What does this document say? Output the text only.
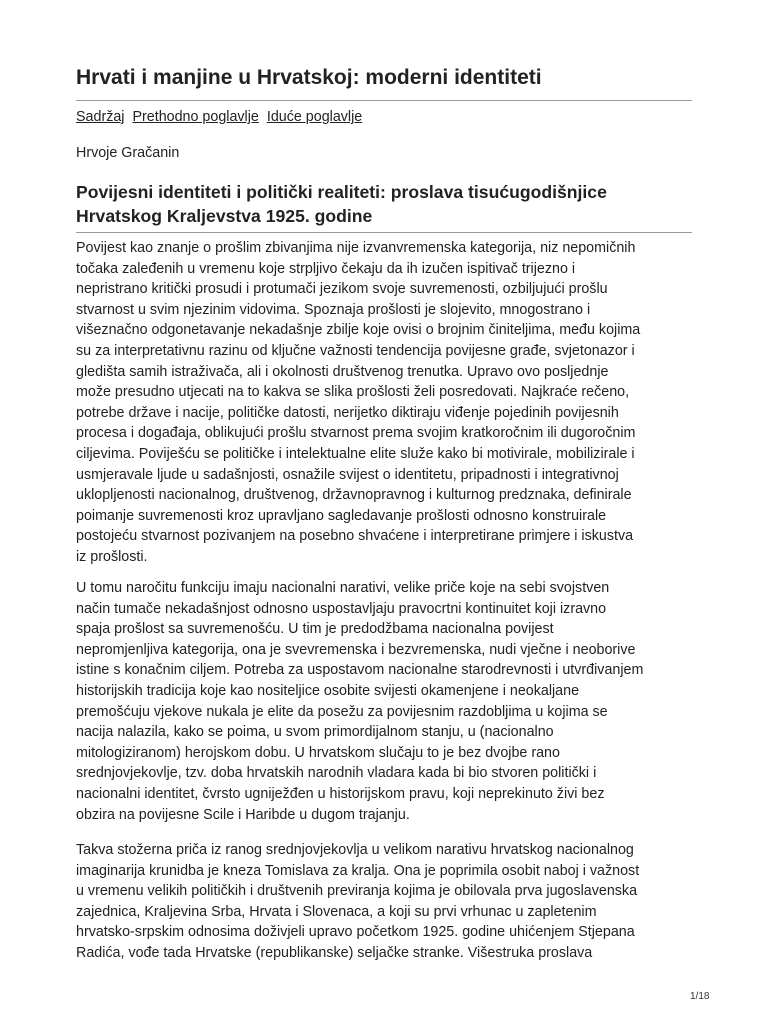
Hrvati i manjine u Hrvatskoj: moderni identiteti
Sadržaj Prethodno poglavlje Iduće poglavlje
Hrvoje Gračanin
Povijesni identiteti i politički realiteti: proslava tisućugodišnjice Hrvatskog Kraljevstva 1925. godine
Povijest kao znanje o prošlim zbivanjima nije izvanvremenska kategorija, niz nepomičnih
točaka zaleđenih u vremenu koje strpljivo čekaju da ih izučen ispitivač trijezno i
nepristrano kritički prosudi i protumači jezikom svoje suvremenosti, ozbiljujući prošlu
stvarnost u svim njezinim vidovima. Spoznaja prošlosti je slojevito, mnogostrano i
višeznačno odgonetavanje nekadašnje zbilje koje ovisi o brojnim činiteljima, među kojima
su za interpretativnu razinu od ključne važnosti tendencija povijesne građe, svjetonazor i
gledišta samih istraživača, ali i okolnosti društvenog trenutka. Upravo ovo posljednje
može presudno utjecati na to kakva se slika prošlosti želi posredovati. Najkraće rečeno,
potrebe države i nacije, političke datosti, nerijetko diktiraju viđenje pojedinih povijesnih
procesa i događaja, oblikujući prošlu stvarnost prema svojim kratkoročnim ili dugoročnim
ciljevima. Poviješću se političke i intelektualne elite služe kako bi motivirale, mobilizirale i
usmjeravale ljude u sadašnjosti, osnažile svijest o identitetu, pripadnosti i integrativnoj
uklopljenosti nacionalnog, društvenog, državnopravnog i kulturnog predznaka, definirale
poimanje suvremenosti kroz upravljano sagledavanje prošlosti odnosno konstruirale
postojeću stvarnost pozivanjem na posebno shvaćene i interpretirane primjere i iskustva
iz prošlosti.
U tomu naročitu funkciju imaju nacionalni narativi, velike priče koje na sebi svojstven
način tumače nekadašnjost odnosno uspostavljaju pravocrtni kontinuitet koji izravno
spaja prošlost sa suvremenošću. U tim je predodžbama nacionalna povijest
nepromjenljiva kategorija, ona je svevremenska i bezvremenska, nudi vječne i neoborive
istine s konačnim ciljem. Potreba za uspostavom nacionalne starodrevnosti i utvrđivanjem
historijskih tradicija koje kao nositeljice osobite svijesti okamenjene i neokaljane
premošćuju vjekove nukala je elite da posežu za povijesnim razdobljima u kojima se
nacija nalazila, kako se poima, u svom primordijalnom stanju, u (nacionalno
mitologiziranom) herojskom dobu. U hrvatskom slučaju to je bez dvojbe rano
srednjovjekovlje, tzv. doba hrvatskih narodnih vladara kada bi bio stvoren politički i
nacionalni identitet, čvrsto ugniježđen u historijskom pravu, koji neprekinuto živi bez
obzira na povijesne Scile i Haribde u dugom trajanju.
Takva stožerna priča iz ranog srednjovjekovlja u velikom narativu hrvatskog nacionalnog
imaginarija krunidba je kneza Tomislava za kralja. Ona je poprimila osobit naboj i važnost
u vremenu velikih političkih i društvenih previranja kojima je obilovala prva jugoslavenska
zajednica, Kraljevina Srba, Hrvata i Slovenaca, a koji su prvi vrhunac u zapletenim
hrvatsko-srpskim odnosima doživjeli upravo početkom 1925. godine uhićenjem Stjepana
Radića, vođe tada Hrvatske (republikanske) seljačke stranke. Višestruka proslava
1/18
